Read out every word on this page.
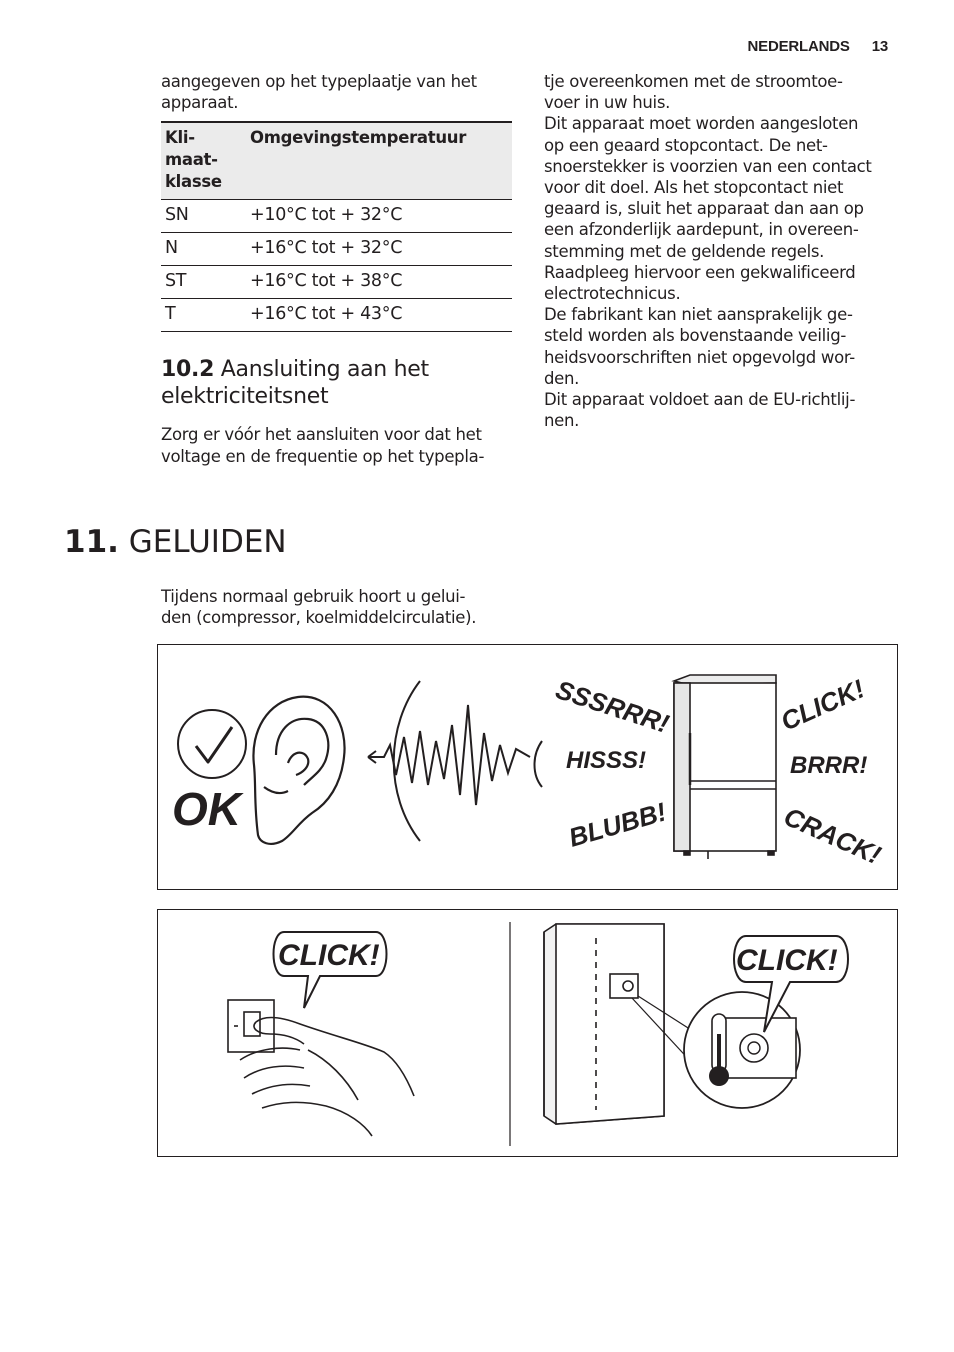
NEDERLANDS 13

aangegeven op het typeplaatje van het apparaat.

Kli-
maat-
klasse	Omgevingstemperatuur
SN	+10°C tot + 32°C
N	+16°C tot + 32°C
ST	+16°C tot + 38°C
T	+16°C tot + 43°C
10.2 Aansluiting aan het elektriciteitsnet

Zorg er vóór het aansluiten voor dat het voltage en de frequentie op het typepla-

tje overeenkomen met de stroomtoe-

voer in uw huis.

Dit apparaat moet worden aangesloten

op een geaard stopcontact. De net-

snoerstekker is voorzien van een contact

voor dit doel. Als het stopcontact niet

geaard is, sluit het apparaat dan aan op

een afzonderlijk aardepunt, in overeen-

stemming met de geldende regels.

Raadpleeg hiervoor een gekwalificeerd

electrotechnicus.

De fabrikant kan niet aansprakelijk ge-

steld worden als bovenstaande veilig-

heidsvoorschriften niet opgevolgd wor-

den.

Dit apparaat voldoet aan de EU-richtlij-

nen.

11. GELUIDEN

Tijdens normaal gebruik hoort u gelui-
den (compressor, koelmiddelcirculatie).

OK
SSSRRR!
HISSS!
BLUBB!
CLICK!
BRRR!
CRACK!
CLICK!	CLICK!
